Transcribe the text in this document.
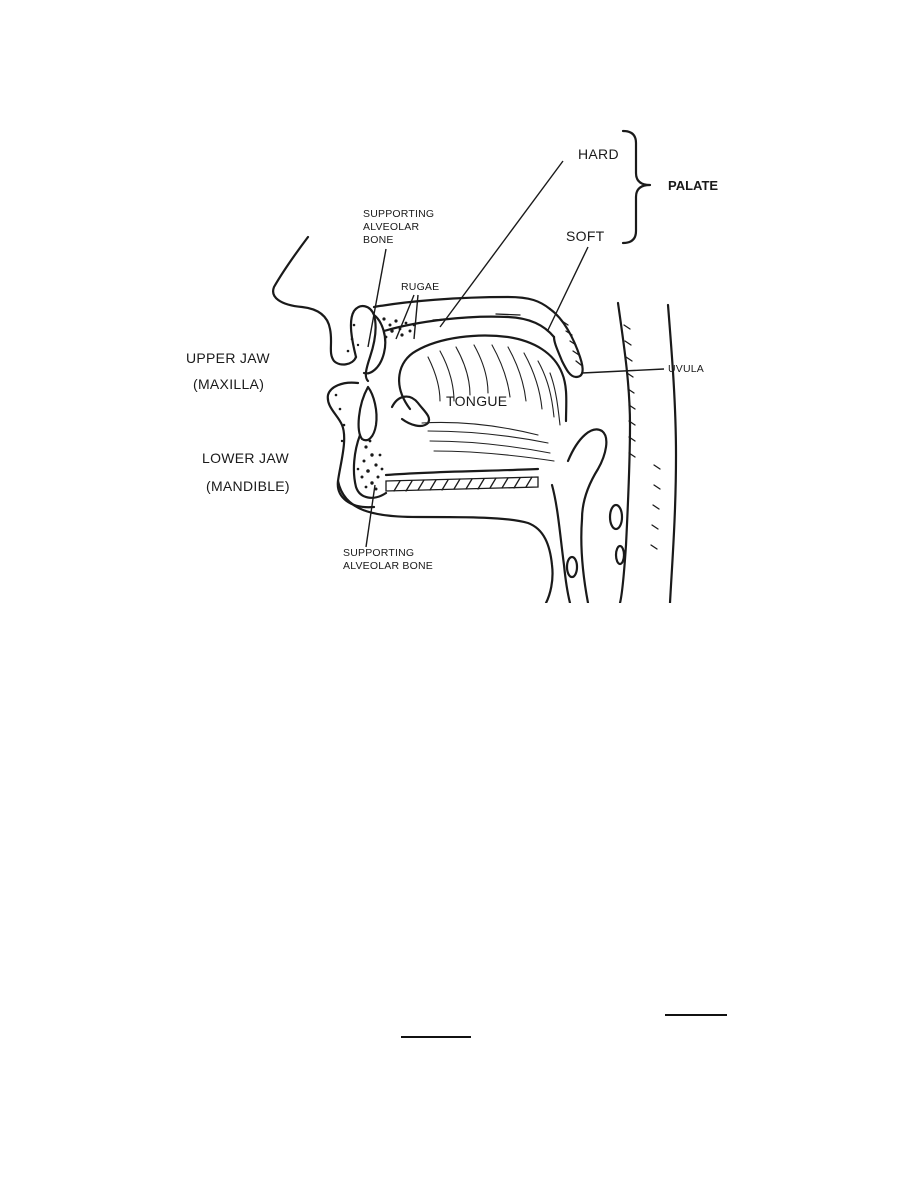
HARD
SOFT
PALATE
SUPPORTING
ALVEOLAR
BONE
RUGAE
UPPER JAW
(MAXILLA)
LOWER JAW
(MANDIBLE)
TONGUE
UVULA
SUPPORTING
ALVEOLAR BONE
